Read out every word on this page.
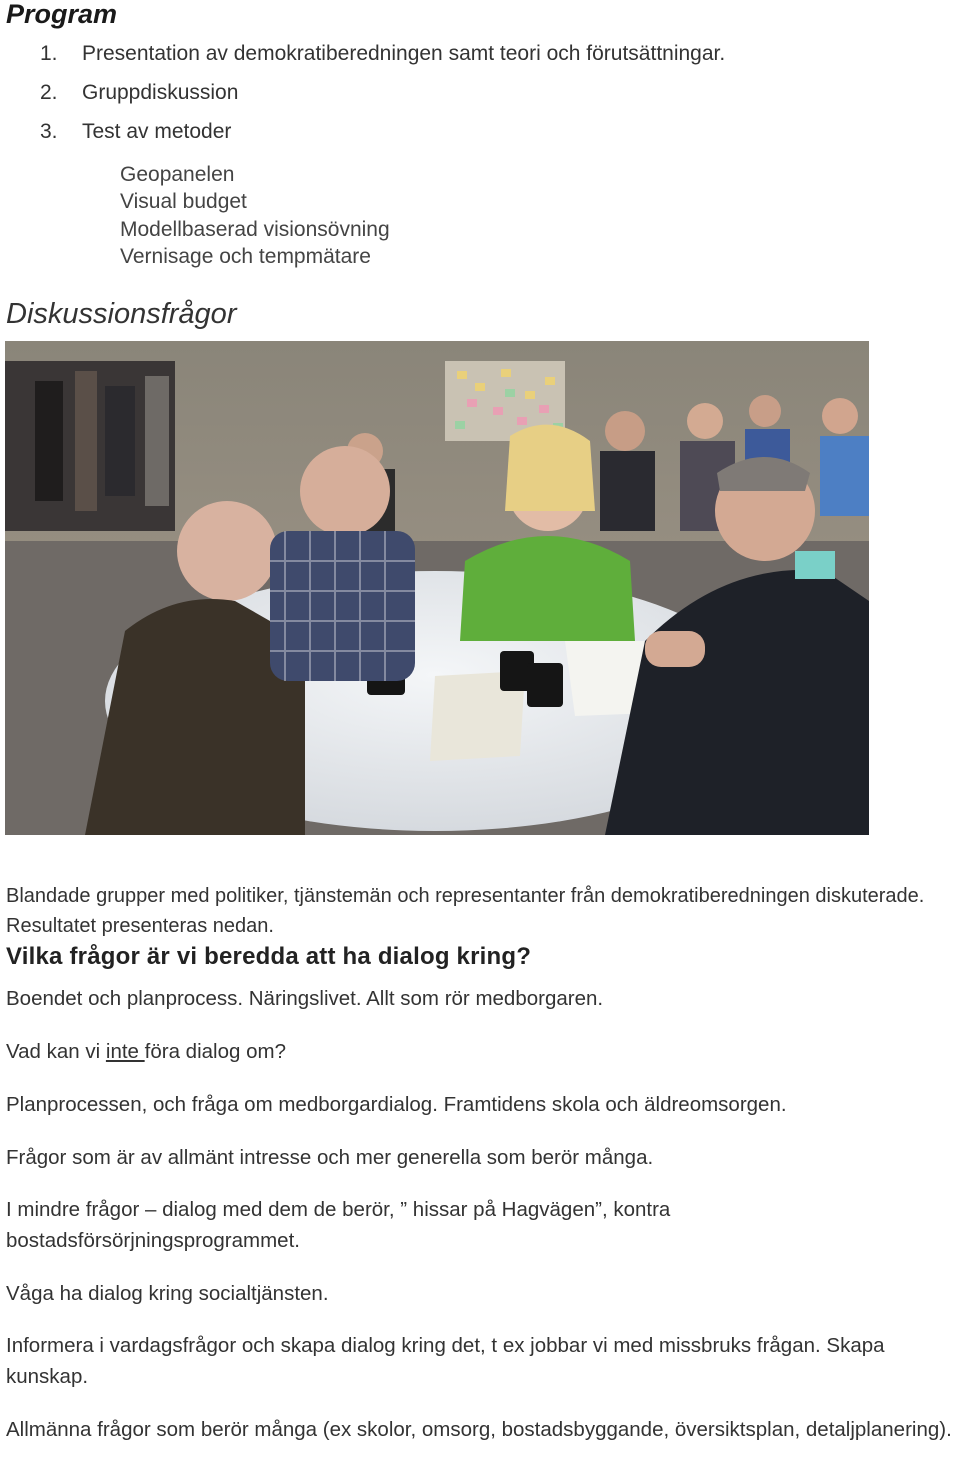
Program
1. Presentation av demokratiberedningen samt teori och förutsättningar.
2. Gruppdiskussion
3. Test av metoder
Geopanelen
Visual budget
Modellbaserad visionsövning
Vernisage och tempmätare
Diskussionsfrågor

Blandade grupper med politiker, tjänstemän och representanter från demokratiberedningen diskuterade. Resultatet presenteras nedan.

Vilka frågor är vi beredda att ha dialog kring?

Boendet och planprocess. Näringslivet. Allt som rör medborgaren.

Vad kan vi inte föra dialog om?

Planprocessen, och fråga om medborgardialog. Framtidens skola och äldreomsorgen.

Frågor som är av allmänt intresse och mer generella som berör många.

I mindre frågor – dialog med dem de berör, ” hissar på Hagvägen”, kontra bostadsförsörjningsprogrammet.

Våga ha dialog kring socialtjänsten.

Informera i vardagsfrågor och skapa dialog kring det, t ex jobbar vi med missbruks frågan. Skapa kunskap.

Allmänna frågor som berör många (ex skolor, omsorg, bostadsbyggande, översiktsplan, detaljplanering).
